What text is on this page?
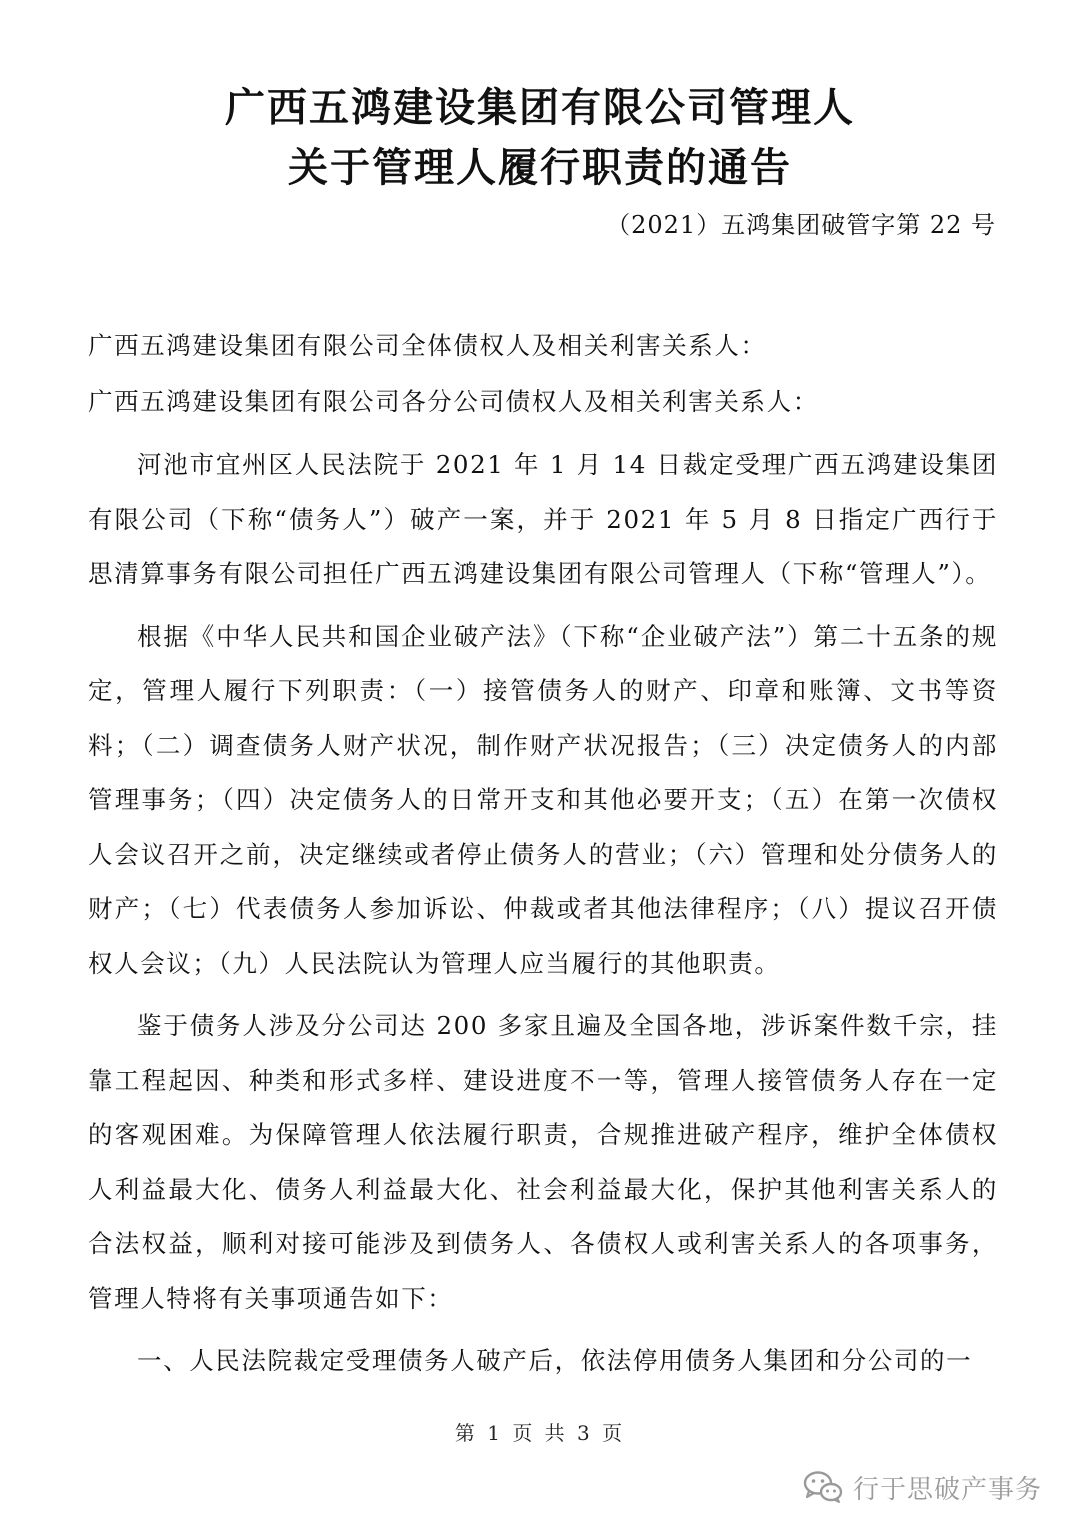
广西五鸿建设集团有限公司管理人
关于管理人履行职责的通告
（2021）五鸿集团破管字第 22 号

广西五鸿建设集团有限公司全体债权人及相关利害关系人：

广西五鸿建设集团有限公司各分公司债权人及相关利害关系人：

河池市宜州区人民法院于 2021 年 1 月 14 日裁定受理广西五鸿建设集团有限公司（下称“债务人”）破产一案，并于 2021 年 5 月 8 日指定广西行于思清算事务有限公司担任广西五鸿建设集团有限公司管理人（下称“管理人”）。

根据《中华人民共和国企业破产法》（下称“企业破产法”）第二十五条的规定，管理人履行下列职责：（一）接管债务人的财产、印章和账簿、文书等资料；（二）调查债务人财产状况，制作财产状况报告；（三）决定债务人的内部管理事务；（四）决定债务人的日常开支和其他必要开支；（五）在第一次债权人会议召开之前，决定继续或者停止债务人的营业；（六）管理和处分债务人的财产；（七）代表债务人参加诉讼、仲裁或者其他法律程序；（八）提议召开债权人会议；（九）人民法院认为管理人应当履行的其他职责。

鉴于债务人涉及分公司达 200 多家且遍及全国各地，涉诉案件数千宗，挂靠工程起因、种类和形式多样、建设进度不一等，管理人接管债务人存在一定的客观困难。为保障管理人依法履行职责，合规推进破产程序，维护全体债权人利益最大化、债务人利益最大化、社会利益最大化，保护其他利害关系人的合法权益，顺利对接可能涉及到债务人、各债权人或利害关系人的各项事务，管理人特将有关事项通告如下：

一、人民法院裁定受理债务人破产后，依法停用债务人集团和分公司的一

第 1 页 共 3 页
行于思破产事务
